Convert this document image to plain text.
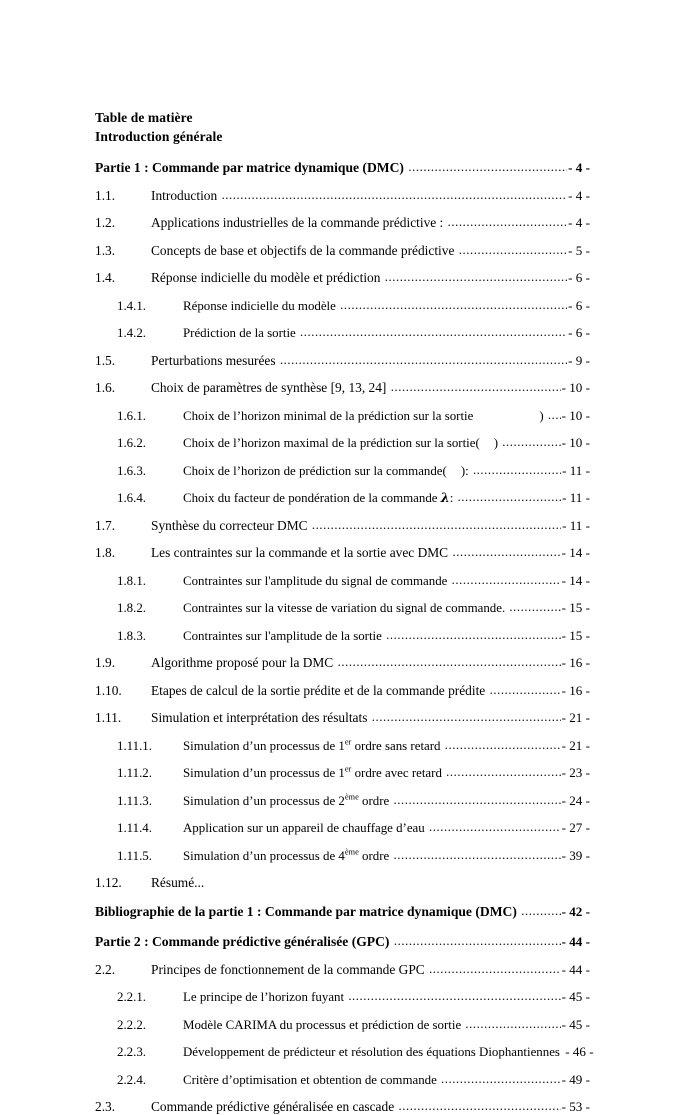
Table de matière
Introduction générale
Partie 1 : Commande par matrice dynamique (DMC) .....	- 4 -
1.1.	Introduction .....	- 4 -
1.2.	Applications industrielles de la commande prédictive : .....	- 4 -
1.3.	Concepts de base et objectifs de la commande prédictive .....	- 5 -
1.4.	Réponse indicielle du modèle et prédiction .....	- 6 -
1.4.1.	Réponse indicielle du modèle .....	- 6 -
1.4.2.	Prédiction de la sortie .....	- 6 -
1.5.	Perturbations mesurées .....	- 9 -
1.6.	Choix de paramètres de synthèse [9, 13, 24] .....	- 10 -
1.6.1.	Choix de l’horizon minimal de la prédiction sur la sortie	) ..... - 10 -
1.6.2.	Choix de l’horizon maximal de la prédiction sur la sortie( ) .....	- 10 -
1.6.3.	Choix de l’horizon de prédiction sur la commande( ): .....	- 11 -
1.6.4.	Choix du facteur de pondération de la commande λ: .....	- 11 -
1.7.	Synthèse du correcteur DMC .....	- 11 -
1.8.	Les contraintes sur la commande et la sortie avec DMC .....	- 14 -
1.8.1.	Contraintes sur l'amplitude du signal de commande .....	- 14 -
1.8.2.	Contraintes sur la vitesse de variation du signal de commande. .....	- 15 -
1.8.3.	Contraintes sur l'amplitude de la sortie .....	- 15 -
1.9.	Algorithme proposé pour la DMC .....	- 16 -
1.10.	Etapes de calcul de la sortie prédite et de la commande prédite .....	- 16 -
1.11.	Simulation et interprétation des résultats .....	- 21 -
1.11.1.	Simulation d’un processus de 1er ordre sans retard .....	- 21 -
1.11.2.	Simulation d’un processus de 1er ordre avec retard .....	- 23 -
1.11.3.	Simulation d’un processus de 2ème ordre .....	- 24 -
1.11.4.	Application sur un appareil de chauffage d’eau .....	- 27 -
1.11.5.	Simulation d’un processus de 4ème ordre .....	- 39 -
1.12.	Résumé...
Bibliographie de la partie 1 : Commande par matrice dynamique (DMC) .....	- 42 -
Partie 2 : Commande prédictive généralisée (GPC) .....	- 44 -
2.2.	Principes de fonctionnement de la commande GPC .....	- 44 -
2.2.1.	Le principe de l’horizon fuyant .....	- 45 -
2.2.2.	Modèle CARIMA du processus et prédiction de sortie .....	- 45 -
2.2.3.	Développement de prédicteur et résolution des équations Diophantiennes - 46 -
2.2.4.	Critère d’optimisation et obtention de commande .....	- 49 -
2.3.	Commande prédictive généralisée en cascade .....	- 53 -
